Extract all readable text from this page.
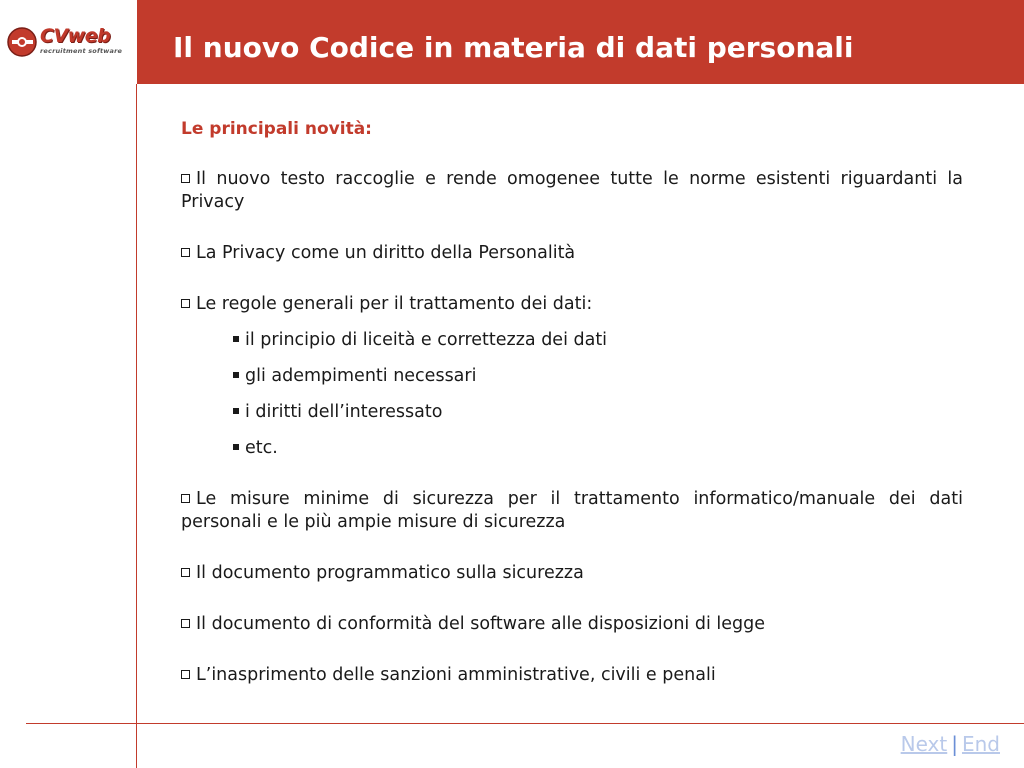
CVweb
recruitment software Il nuovo Codice in materia di dati personali
Le principali novità:
Il nuovo testo raccoglie e rende omogenee tutte le norme esistenti riguardanti la Privacy
La Privacy come un diritto della Personalità
Le regole generali per il trattamento dei dati:
il principio di liceità e correttezza dei dati
gli adempimenti necessari
i diritti dell’interessato
etc.
Le misure minime di sicurezza per il trattamento informatico/manuale dei dati personali e le più ampie misure di sicurezza
Il documento programmatico sulla sicurezza
Il documento di conformità del software alle disposizioni di legge
L’inasprimento delle sanzioni amministrative, civili e penali
Next | End
